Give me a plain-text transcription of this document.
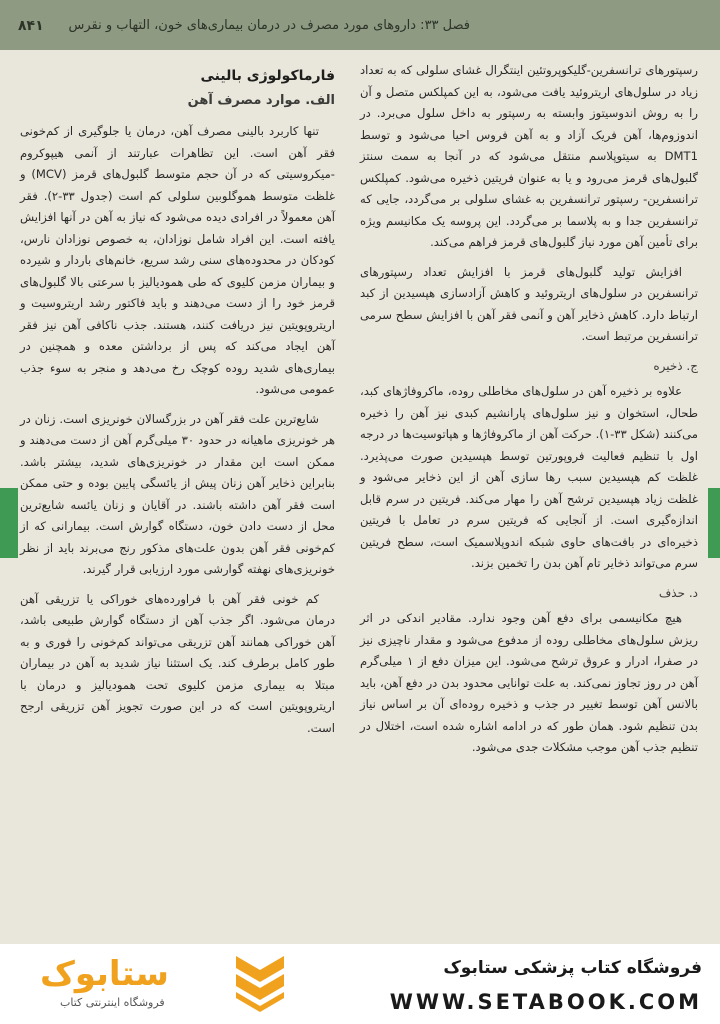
۸۴۱ فصل ۳۳: داروهای مورد مصرف در درمان بیماری‌های خون، التهاب و نقرس

رسپتورهای ترانسفرین-گلیکوپروتئین اینتگرال غشای سلولی که به تعداد زیاد در سلول‌های اریتروئید یافت می‌شود، به این کمپلکس متصل و آن را به روش اندوسیتوز وابسته به رسپتور به داخل سلول می‌برد. در اندوزوم‌ها، آهن فریک آزاد و به آهن فروس احیا می‌شود و توسط DMT1 به سیتوپلاسم منتقل می‌شود که در آنجا به سمت سنتز گلبول‌های قرمز می‌رود و یا به عنوان فریتین ذخیره می‌شود. کمپلکس ترانسفرین- رسپتور ترانسفرین به غشای سلولی بر می‌گردد، جایی که ترانسفرین جدا و به پلاسما بر می‌گردد. این پروسه یک مکانیسم ویژه برای تأمین آهن مورد نیاز گلبول‌های قرمز فراهم می‌کند.

افزایش تولید گلبول‌های قرمز با افزایش تعداد رسپتورهای ترانسفرین در سلول‌های اریتروئید و کاهش آزادسازی هپسیدین از کبد ارتباط دارد. کاهش ذخایر آهن و آنمی فقر آهن با افزایش سطح سرمی ترانسفرین مرتبط است.

ج. ذخیره

علاوه بر ذخیره آهن در سلول‌های مخاطلی روده، ماکروفاژهای کبد، طحال، استخوان و نیز سلول‌های پارانشیم کبدی نیز آهن را ذخیره می‌کنند (شکل ۳۳-۱). حرکت آهن از ماکروفاژها و هپاتوسیت‌ها در درجه اول با تنظیم فعالیت فروپورتین توسط هپسیدین صورت می‌پذیرد. غلظت کم هپسیدین سبب رها سازی آهن از این ذخایر می‌شود و غلظت زیاد هپسیدین ترشح آهن را مهار می‌کند. فریتین در سرم قابل اندازه‌گیری است. از آنجایی که فریتین سرم در تعامل با فریتین ذخیره‌ای در بافت‌های حاوی شبکه اندوپلاسمیک است، سطح فریتین سرم می‌تواند ذخایر تام آهن بدن را تخمین بزند.

د. حذف

هیچ مکانیسمی برای دفع آهن وجود ندارد. مقادیر اندکی در اثر ریزش سلول‌های مخاطلی روده از مدفوع می‌شود و مقدار ناچیزی نیز در صفرا، ادرار و عروق ترشح می‌شود. این میزان دفع از ۱ میلی‌گرم آهن در روز تجاوز نمی‌کند. به علت توانایی محدود بدن در دفع آهن، باید بالانس آهن توسط تغییر در جذب و ذخیره روده‌ای آن بر اساس نیاز بدن تنظیم شود. همان طور که در ادامه اشاره شده است، اختلال در تنظیم جذب آهن موجب مشکلات جدی می‌شود.

فارماکولوژی بالینی
الف. موارد مصرف آهن

تنها کاربرد بالینی مصرف آهن، درمان یا جلوگیری از کم‌خونی فقر آهن است. این تظاهرات عبارتند از آنمی هیپوکروم -میکروسیتی که در آن حجم متوسط گلبول‌های قرمز (MCV) و غلظت متوسط هموگلوبین سلولی کم است (جدول ۳۳-۲). فقر آهن معمولاً در افرادی دیده می‌شود که نیاز به آهن در آنها افزایش یافته است. این افراد شامل نوزادان، به خصوص نوزادان نارس، کودکان در محدوده‌های سنی رشد سریع، خانم‌های باردار و شیرده و بیماران مزمن کلیوی که طی همودیالیز با سرعتی بالا گلبول‌های قرمز خود را از دست می‌دهند و باید فاکتور رشد اریتروسیت و اریتروپویتین نیز دریافت کنند، هستند. جذب ناکافی آهن نیز فقر آهن ایجاد می‌کند که پس از برداشتن معده و همچنین در بیماری‌های شدید روده کوچک رخ می‌دهد و منجر به سوء جذب عمومی می‌شود.

شایع‌ترین علت فقر آهن در بزرگسالان خونریزی است. زنان در هر خونریزی ماهیانه در حدود ۳۰ میلی‌گرم آهن از دست می‌دهند و ممکن است این مقدار در خونریزی‌های شدید، بیشتر باشد. بنابراین ذخایر آهن زنان پیش از یائسگی پایین بوده و حتی ممکن است فقر آهن داشته باشند. در آقایان و زنان یائسه شایع‌ترین محل از دست دادن خون، دستگاه گوارش است. بیمارانی که از کم‌خونی فقر آهن بدون علت‌های مذکور رنج می‌برند باید از نظر خونریزی‌های نهفته گوارشی مورد ارزیابی قرار گیرند.

کم خونی فقر آهن با فراورده‌های خوراکی یا تزریقی آهن درمان می‌شود. اگر جذب آهن از دستگاه گوارش طبیعی باشد، آهن خوراکی همانند آهن تزریقی می‌تواند کم‌خونی را فوری و به طور کامل برطرف کند. یک استثنا نیاز شدید به آهن در بیماران مبتلا به بیماری مزمن کلیوی تحت همودیالیز و درمان با اریتروپویتین است که در این صورت تجویز آهن تزریقی ارجح است.

ستابوک
فروشگاه اینترنتی کتاب
فروشگاه کتاب پزشکی ستابوک
WWW.SETABOOK.COM
